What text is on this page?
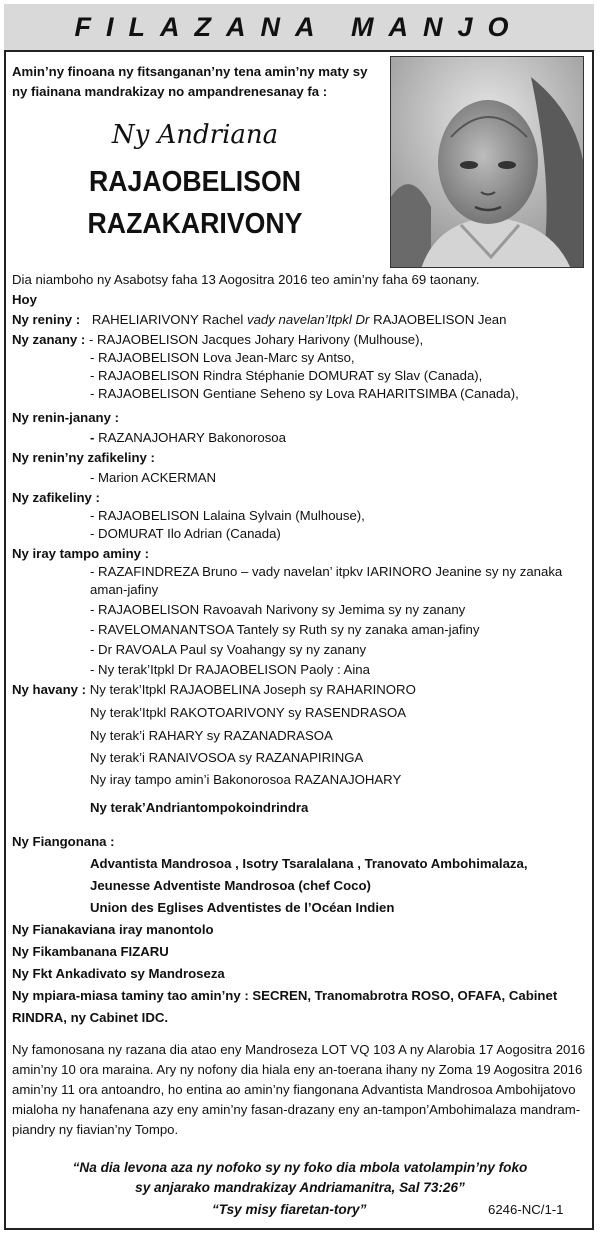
FILAZANA MANJO
Amin’ny finoana ny fitsanganan’ny tena amin’ny maty sy ny fiainana mandrakizay no ampandrenesanay fa :
Ny Andriana
RAJAOBELISON
RAZAKARIVONY
Dia niamboho ny Asabotsy faha 13 Aogositra 2016 teo amin’ny faha 69 taonany.
Hoy
Ny reniny : RAHELIARIVONY Rachel vady navelan’Itpkl Dr RAJAOBELISON Jean
Ny zanany : - RAJAOBELISON Jacques Johary Harivony (Mulhouse),
- RAJAOBELISON Lova Jean-Marc sy Antso,
- RAJAOBELISON Rindra Stéphanie DOMURAT sy Slav (Canada),
- RAJAOBELISON Gentiane Seheno sy Lova RAHARITSIMBA (Canada),
Ny renin-janany :
- RAZANAJOHARY Bakonorosoa
Ny renin’ny zafikeliny :
- Marion ACKERMAN
Ny zafikeliny :
- RAJAOBELISON Lalaina Sylvain (Mulhouse),
- DOMURAT Ilo Adrian (Canada)
Ny iray tampo aminy :
- RAZAFINDREZA Bruno – vady navelan’ itpkv IARINORO Jeanine sy ny zanaka
aman-jafiny
- RAJAOBELISON Ravoavah Narivony sy Jemima sy ny zanany
- RAVELOMANANTSOA Tantely sy Ruth sy ny zanaka aman-jafiny
- Dr RAVOALA Paul sy Voahangy sy ny zanany
- Ny terak’Itpkl Dr RAJAOBELISON Paoly : Aina
Ny havany : Ny terak’Itpkl RAJAOBELINA Joseph sy RAHARINORO
Ny terak’Itpkl RAKOTOARIVONY sy RASENDRASOA
Ny terak’i RAHARY sy RAZANADRASOA
Ny terak’i RANAIVOSOA sy RAZANAPIRINGA
Ny iray tampo amin’i Bakonorosoa RAZANAJOHARY
Ny terak’Andriantompokoindrindra
Ny Fiangonana :
Advantista Mandrosoa , Isotry Tsaralalana , Tranovato Ambohimalaza,
Jeunesse Adventiste Mandrosoa (chef Coco)
Union des Eglises Adventistes de l’Océan Indien
Ny Fianakaviana iray manontolo
Ny Fikambanana FIZARU
Ny Fkt Ankadivato sy Mandroseza
Ny mpiara-miasa taminy tao amin’ny : SECREN, Tranomabrotra ROSO, OFAFA, Cabinet
RINDRA, ny Cabinet IDC.
Ny famonosana ny razana dia atao eny Mandroseza LOT VQ 103 A ny Alarobia 17 Aogositra 2016
amin’ny 10 ora maraina. Ary ny nofony dia hiala eny an-toerana ihany ny Zoma 19 Aogositra 2016
amin’ny 11 ora antoandro, ho entina ao amin’ny fiangonana Advantista Mandrosoa Ambohijatovo
mialoha ny hanafenana azy eny amin’ny fasan-drazany eny an-tampon’Ambohimalaza mandram-
piandry ny fiavian’ny Tompo.
“Na dia levona aza ny nofoko sy ny foko dia mbola vatolampin’ny foko
sy anjarako mandrakizay Andriamanitra, Sal 73:26”
“Tsy misy fiaretan-tory”	6246-NC/1-1
